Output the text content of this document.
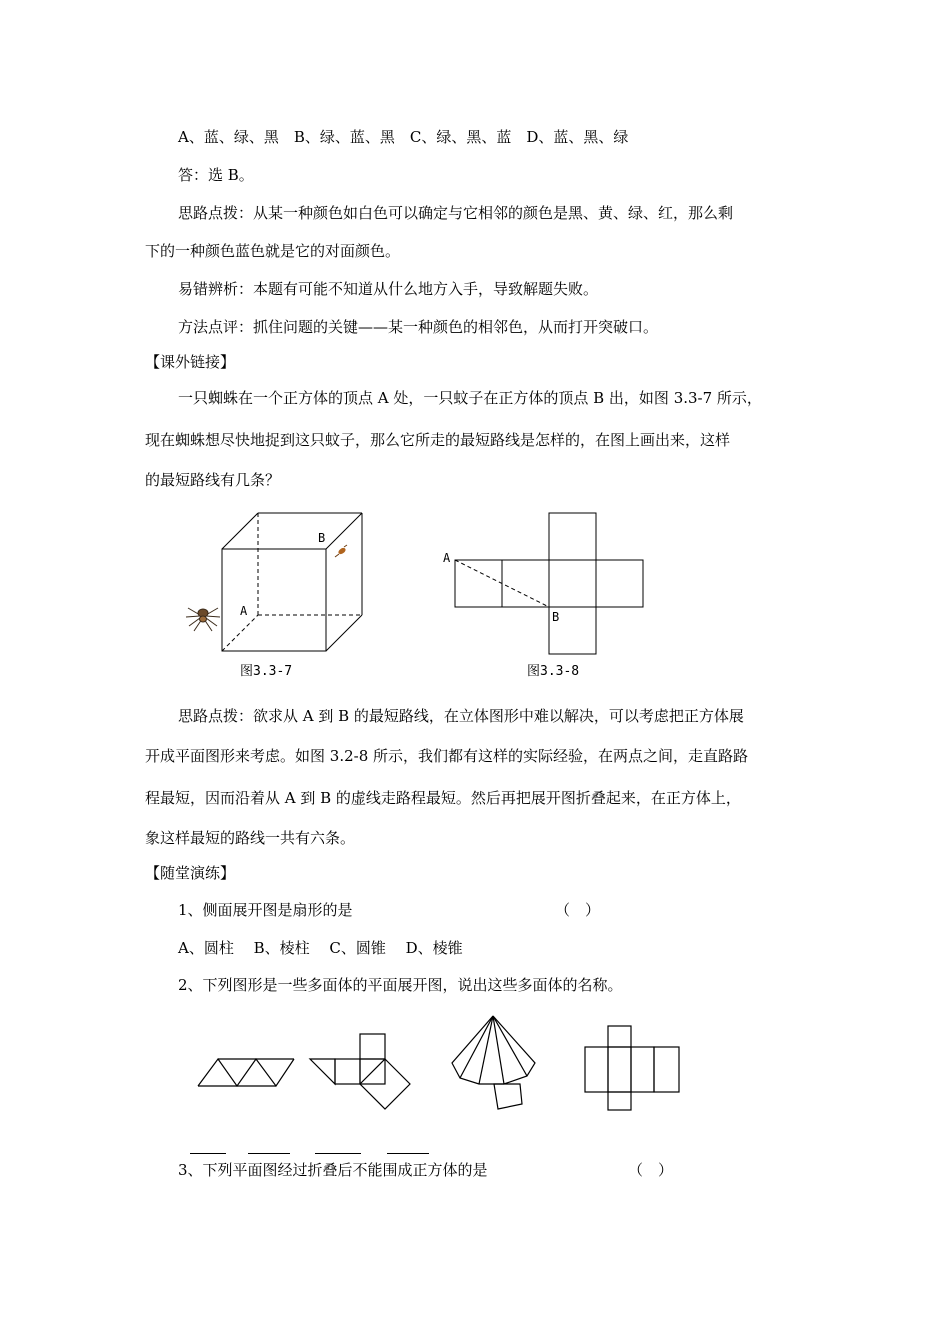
A、蓝、绿、黑　B、绿、蓝、黑　C、绿、黑、蓝　D、蓝、黑、绿
答：选 B。
思路点拨：从某一种颜色如白色可以确定与它相邻的颜色是黑、黄、绿、红，那么剩
下的一种颜色蓝色就是它的对面颜色。
易错辨析：本题有可能不知道从什么地方入手，导致解题失败。
方法点评：抓住问题的关键——某一种颜色的相邻色，从而打开突破口。
【课外链接】
一只蜘蛛在一个正方体的顶点 A 处，一只蚊子在正方体的顶点 B 出，如图 3.3-7 所示，
现在蜘蛛想尽快地捉到这只蚊子，那么它所走的最短路线是怎样的，在图上画出来，这样
的最短路线有几条？
A
B
图3.3-7
A
B
图3.3-8
思路点拨：欲求从 A 到 B 的最短路线，在立体图形中难以解决，可以考虑把正方体展
开成平面图形来考虑。如图 3.2-8 所示，我们都有这样的实际经验，在两点之间，走直路路
程最短，因而沿着从 A 到 B 的虚线走路程最短。然后再把展开图折叠起来，在正方体上，
象这样最短的路线一共有六条。
【随堂演练】
1、侧面展开图是扇形的是	（　）
A、圆柱　 B、棱柱　 C、圆锥　 D、棱锥
2、下列图形是一些多面体的平面展开图，说出这些多面体的名称。
3、下列平面图经过折叠后不能围成正方体的是	（　）
